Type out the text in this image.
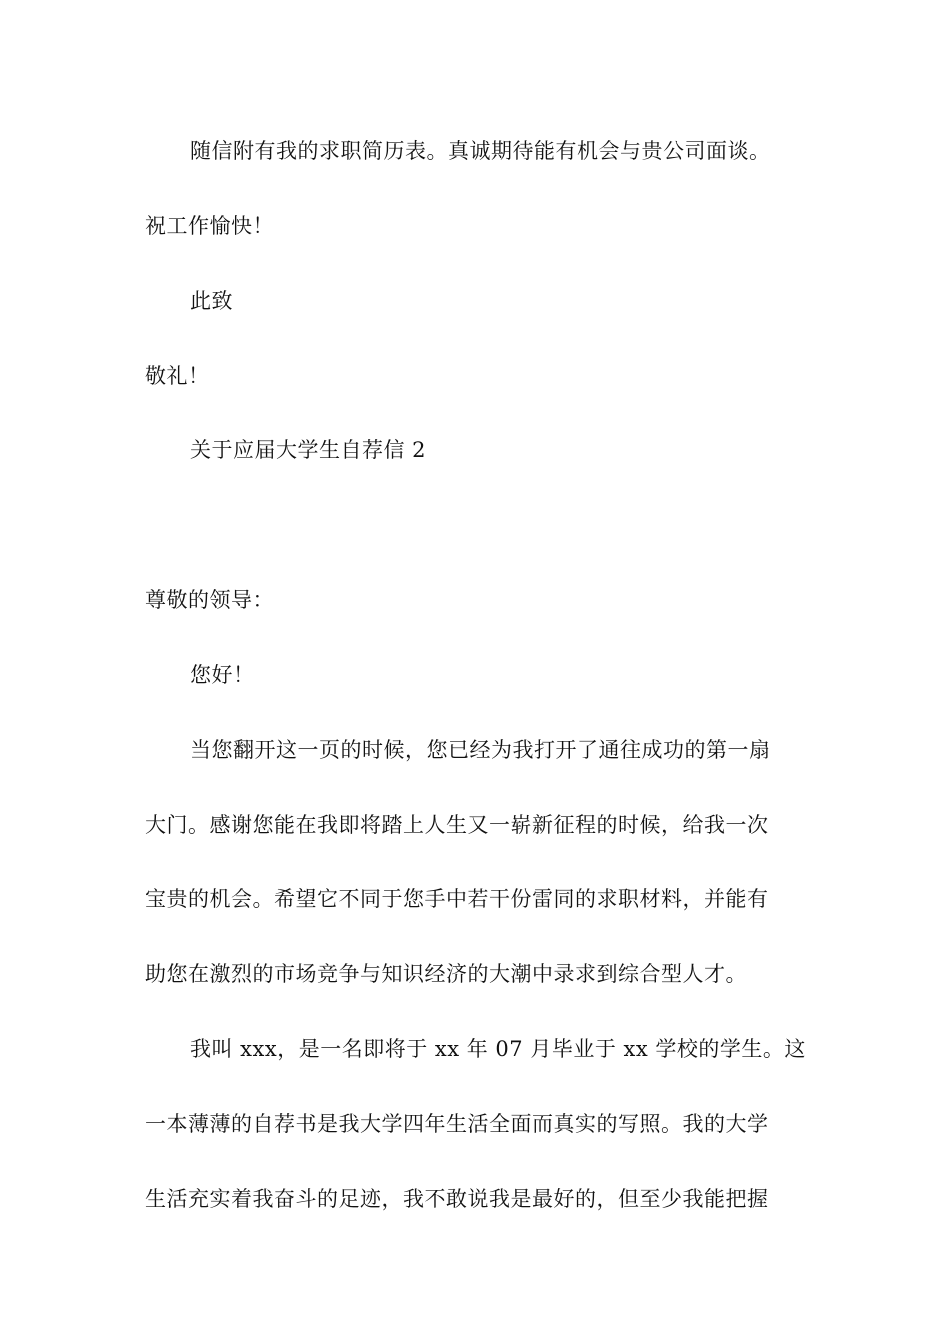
随信附有我的求职简历表。真诚期待能有机会与贵公司面谈。
祝工作愉快！
此致
敬礼！
关于应届大学生自荐信 2
尊敬的领导：
您好！
当您翻开这一页的时候，您已经为我打开了通往成功的第一扇
大门。感谢您能在我即将踏上人生又一崭新征程的时候，给我一次
宝贵的机会。希望它不同于您手中若干份雷同的求职材料，并能有
助您在激烈的市场竞争与知识经济的大潮中录求到综合型人才。
我叫 xxx，是一名即将于 xx 年 07 月毕业于 xx 学校的学生。这
一本薄薄的自荐书是我大学四年生活全面而真实的写照。我的大学
生活充实着我奋斗的足迹，我不敢说我是最好的，但至少我能把握
